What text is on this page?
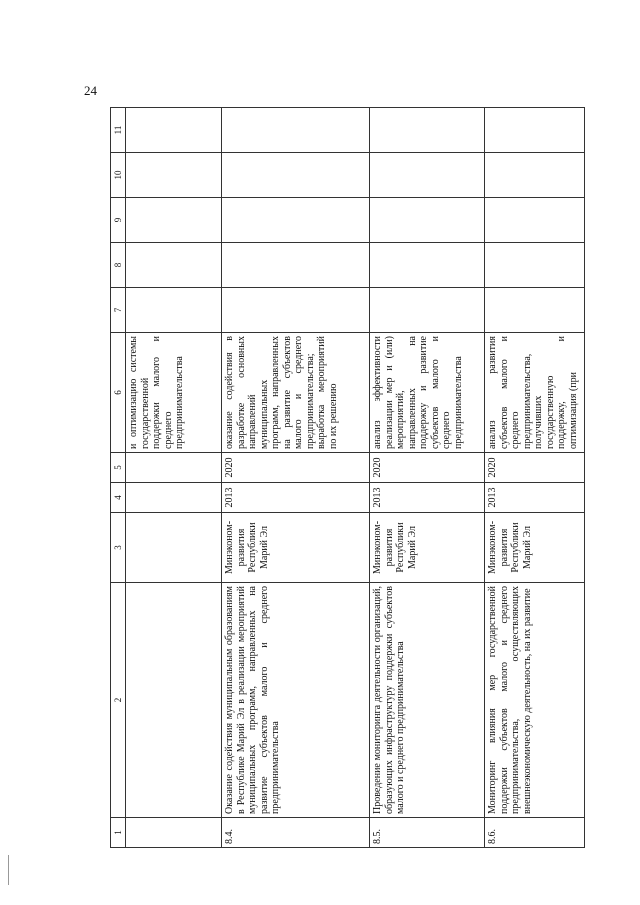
24
1	2	3	4	5	6	7	8	9	10	11
					и оптимизацию системы государственной поддержки малого и среднего предпринимательства					
8.4.	Оказание содействия муниципальным образованиям в Республике Марий Эл в реализации мероприятий муниципальных программ, направленных на развитие субъектов малого и среднего предпринимательства	Минэконом-развития Республики Марий Эл	2013	2020	оказание содействия в разработке основных направлений муниципальных программ, направленных на развитие субъектов малого и среднего предпринимательства; выработка мероприятий по их решению					
8.5.	Проведение мониторинга деятельности организаций, образующих инфраструктуру поддержки субъектов малого и среднего предпринимательства	Минэконом-развития Республики Марий Эл	2013	2020	анализ эффективности реализации мер и (или) мероприятий, направленных на поддержку и развитие субъектов малого и среднего предпринимательства					
8.6.	Мониторинг влияния мер государственной поддержки субъектов малого и среднего предпринимательства, осуществляющих внешнеэкономическую деятельность, на их развитие	Минэконом-развития Республики Марий Эл	2013	2020	анализ развития субъектов малого и среднего предпринимательства, получивших государственную поддержку, и оптимизация (при					
